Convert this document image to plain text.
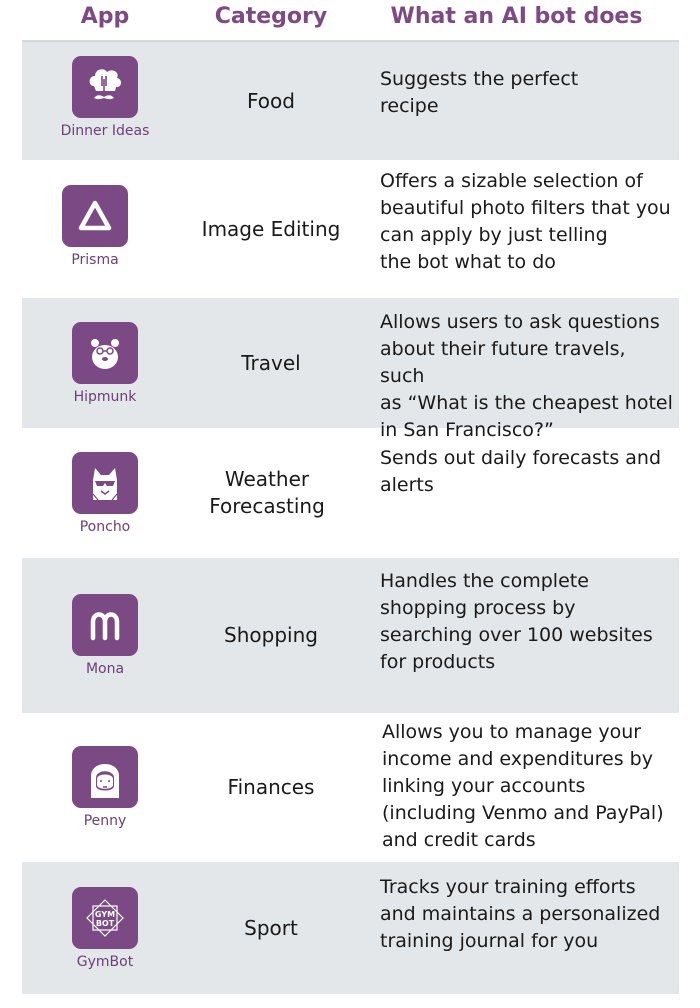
App	Category	What an AI bot does
Dinner Ideas
Food
Suggests the perfect
recipe
Prisma
Image Editing
Offers a sizable selection of
beautiful photo filters that you
can apply by just telling
the bot what to do
Hipmunk
Travel
Allows users to ask questions
about their future travels, such
as “What is the cheapest hotel
in San Francisco?”
Poncho
Weather
Forecasting
Sends out daily forecasts and
alerts
Mona
Shopping
Handles the complete
shopping process by
searching over 100 websites
for products
Penny
Finances
Allows you to manage your
income and expenditures by
linking your accounts
(including Venmo and PayPal)
and credit cards
GYM
BOT
GymBot
Sport
Tracks your training efforts
and maintains a personalized
training journal for you
